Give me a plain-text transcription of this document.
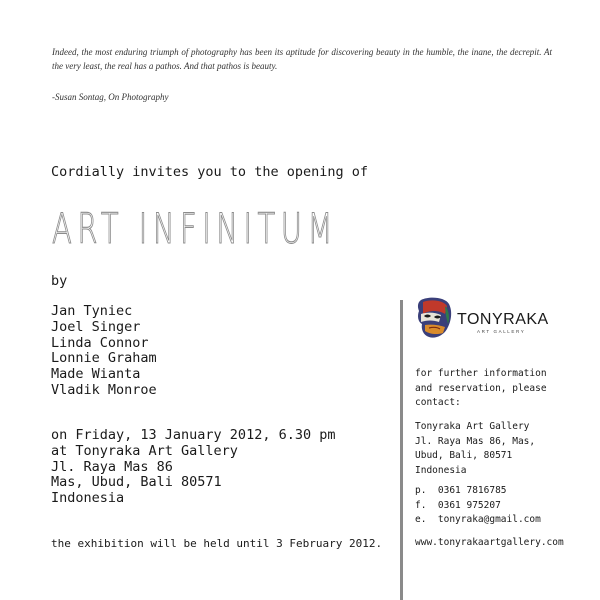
Indeed, the most enduring triumph of photography has been its aptitude for discovering beauty in the humble, the inane, the decrepit. At the very least, the real has a pathos. And that pathos is beauty.
-Susan Sontag, On Photography
Cordially invites you to the opening of
ART INFINITUM
by
Jan Tyniec
Joel Singer
Linda Connor
Lonnie Graham
Made Wianta
Vladik Monroe
on Friday, 13 January 2012, 6.30 pm
at Tonyraka Art Gallery
Jl. Raya Mas 86
Mas, Ubud, Bali 80571
Indonesia
the exhibition will be held until 3 February 2012.
TONYRAKA
ART GALLERY
for further information
and reservation, please
contact:
Tonyraka Art Gallery
Jl. Raya Mas 86, Mas,
Ubud, Bali, 80571
Indonesia
p.  0361 7816785
f.  0361 975207
e.  tonyraka@gmail.com
www.tonyrakaartgallery.com
